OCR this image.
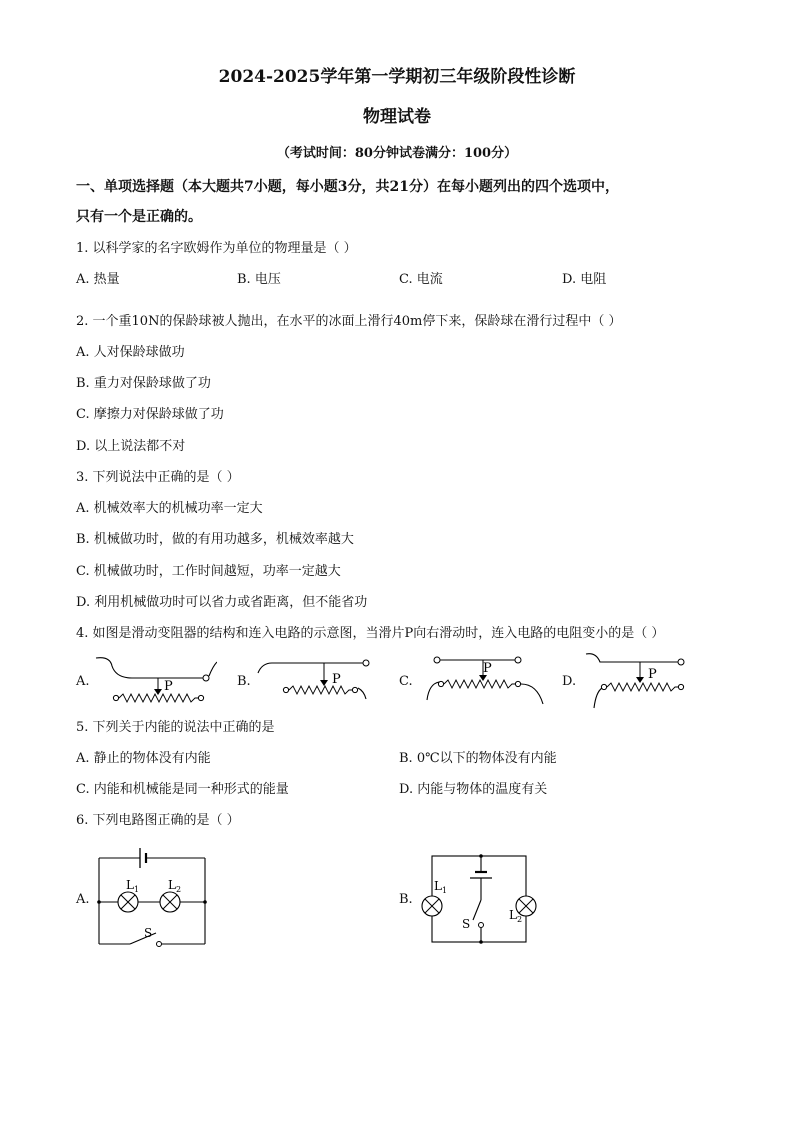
2024-2025学年第一学期初三年级阶段性诊断
物理试卷
（考试时间：80分钟试卷满分：100分）
一、单项选择题（本大题共7小题，每小题3分，共21分）在每小题列出的四个选项中，
只有一个是正确的。
1. 以科学家的名字欧姆作为单位的物理量是（ ）
A. 热量	B. 电压	C. 电流	D. 电阻
2. 一个重10N的保龄球被人抛出，在水平的冰面上滑行40m停下来，保龄球在滑行过程中（ ）
A. 人对保龄球做功
B. 重力对保龄球做了功
C. 摩擦力对保龄球做了功
D. 以上说法都不对
3. 下列说法中正确的是（ ）
A. 机械效率大的机械功率一定大
B. 机械做功时，做的有用功越多，机械效率越大
C. 机械做功时，工作时间越短，功率一定越大
D. 利用机械做功时可以省力或省距离，但不能省功
4. 如图是滑动变阻器的结构和连入电路的示意图，当滑片P向右滑动时，连入电路的电阻变小的是（ ）
A.	B.	C.	D.
P	P
P	P
5. 下列关于内能的说法中正确的是
A. 静止的物体没有内能	B. 0℃以下的物体没有内能
C. 内能和机械能是同一种形式的能量	D. 内能与物体的温度有关
6. 下列电路图正确的是（ ）
A.	B.
L 1 L 2
S
L 1
L 2
S
